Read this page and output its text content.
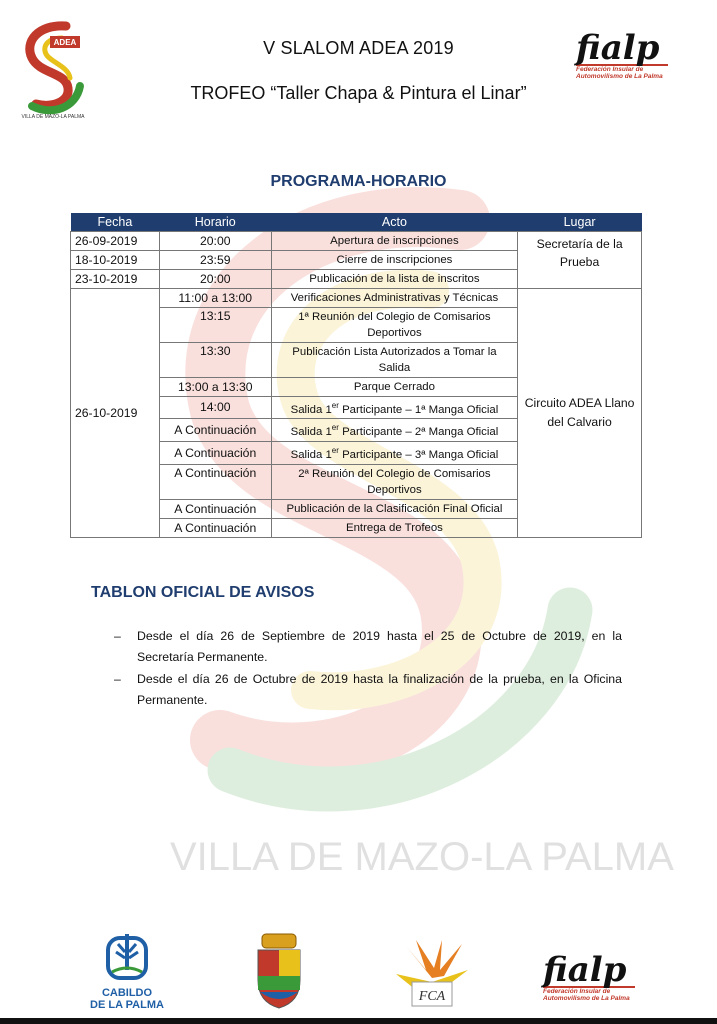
VILLA DE MAZO-LA PALMA
ADEA
VILLA DE MAZO-LA PALMA
V SLALOM ADEA 2019
TROFEO “Taller Chapa & Pintura el Linar”
fialp
Federación Insular de
Automovilismo de La Palma
PROGRAMA-HORARIO
Fecha	Horario	Acto	Lugar
26-09-2019	20:00	Apertura de inscripciones	Secretaría de la Prueba
18-10-2019	23:59	Cierre de inscripciones	
23-10-2019	20:00	Publicación de la lista de inscritos	
26-10-2019	11:00 a 13:00	Verificaciones Administrativas y Técnicas	Circuito ADEA Llano del Calvario
	13:15	1ª Reunión del Colegio de Comisarios Deportivos	
	13:30	Publicación Lista Autorizados a Tomar la Salida	
	13:00 a 13:30	Parque Cerrado	
	14:00	Salida 1er Participante – 1ª Manga Oficial	
	A Continuación	Salida 1er Participante – 2ª Manga Oficial	
	A Continuación	Salida 1er Participante – 3ª Manga Oficial	
	A Continuación	2ª Reunión del Colegio de Comisarios Deportivos	
	A Continuación	Publicación de la Clasificación Final Oficial	
	A Continuación	Entrega de Trofeos	
TABLON OFICIAL DE AVISOS
– Desde el día 26 de Septiembre de 2019 hasta el 25 de Octubre de 2019, en la Secretaría Permanente.
– Desde el día 26 de Octubre de 2019 hasta la finalización de la prueba, en la Oficina Permanente.
CABILDO
DE LA PALMA
FCA
fialp
Federación Insular de
Automovilismo de La Palma
